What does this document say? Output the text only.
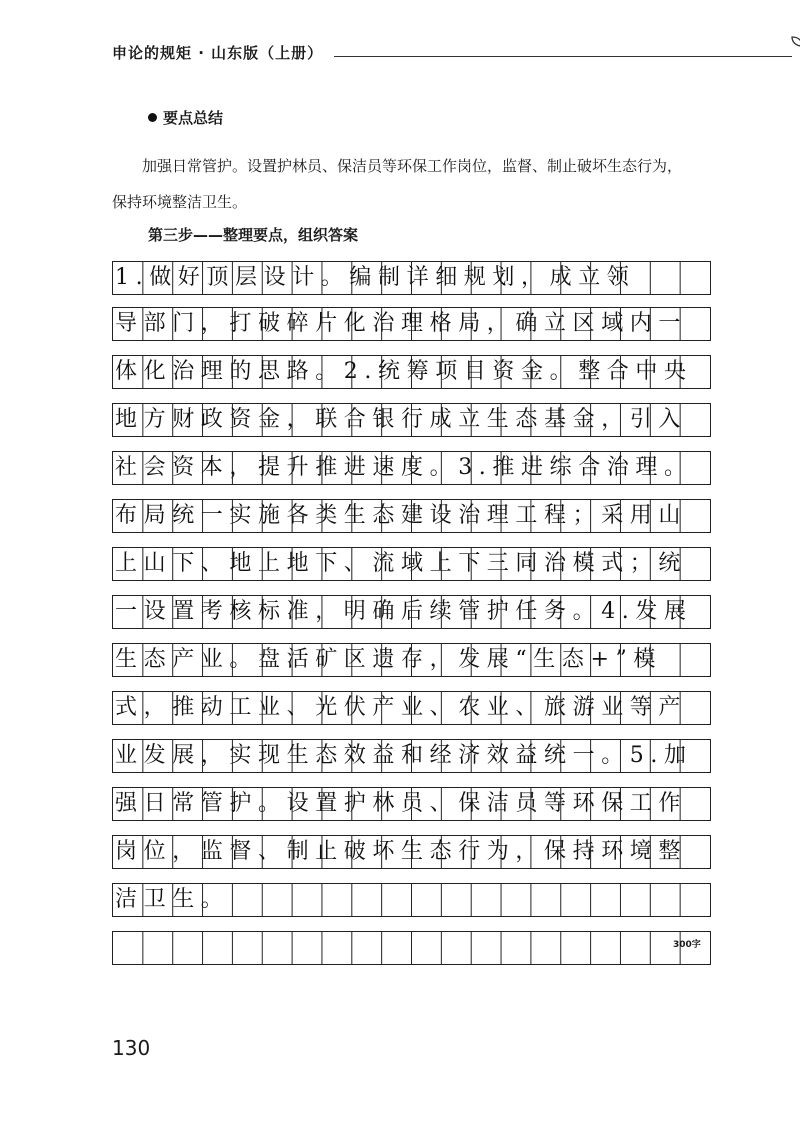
申论的规矩 · 山东版（上册）
要点总结
加强日常管护。设置护林员、保洁员等环保工作岗位，监督、制止破坏生态行为，
保持环境整洁卫生。
第三步——整理要点，组织答案
1.做好顶层设计。编制详细规划，成立领
导部门，打破碎片化治理格局，确立区域内一
体化治理的思路。2.统筹项目资金。整合中央
地方财政资金，联合银行成立生态基金，引入
社会资本，提升推进速度。3.推进综合治理。
布局统一实施各类生态建设治理工程；采用山
上山下、地上地下、流域上下三同治模式；统
一设置考核标准，明确后续管护任务。4.发展
生态产业。盘活矿区遗存，发展“生态+”模
式，推动工业、光伏产业、农业、旅游业等产
业发展，实现生态效益和经济效益统一。5.加
强日常管护。设置护林员、保洁员等环保工作
岗位，监督、制止破坏生态行为，保持环境整
洁卫生。
300字
130
